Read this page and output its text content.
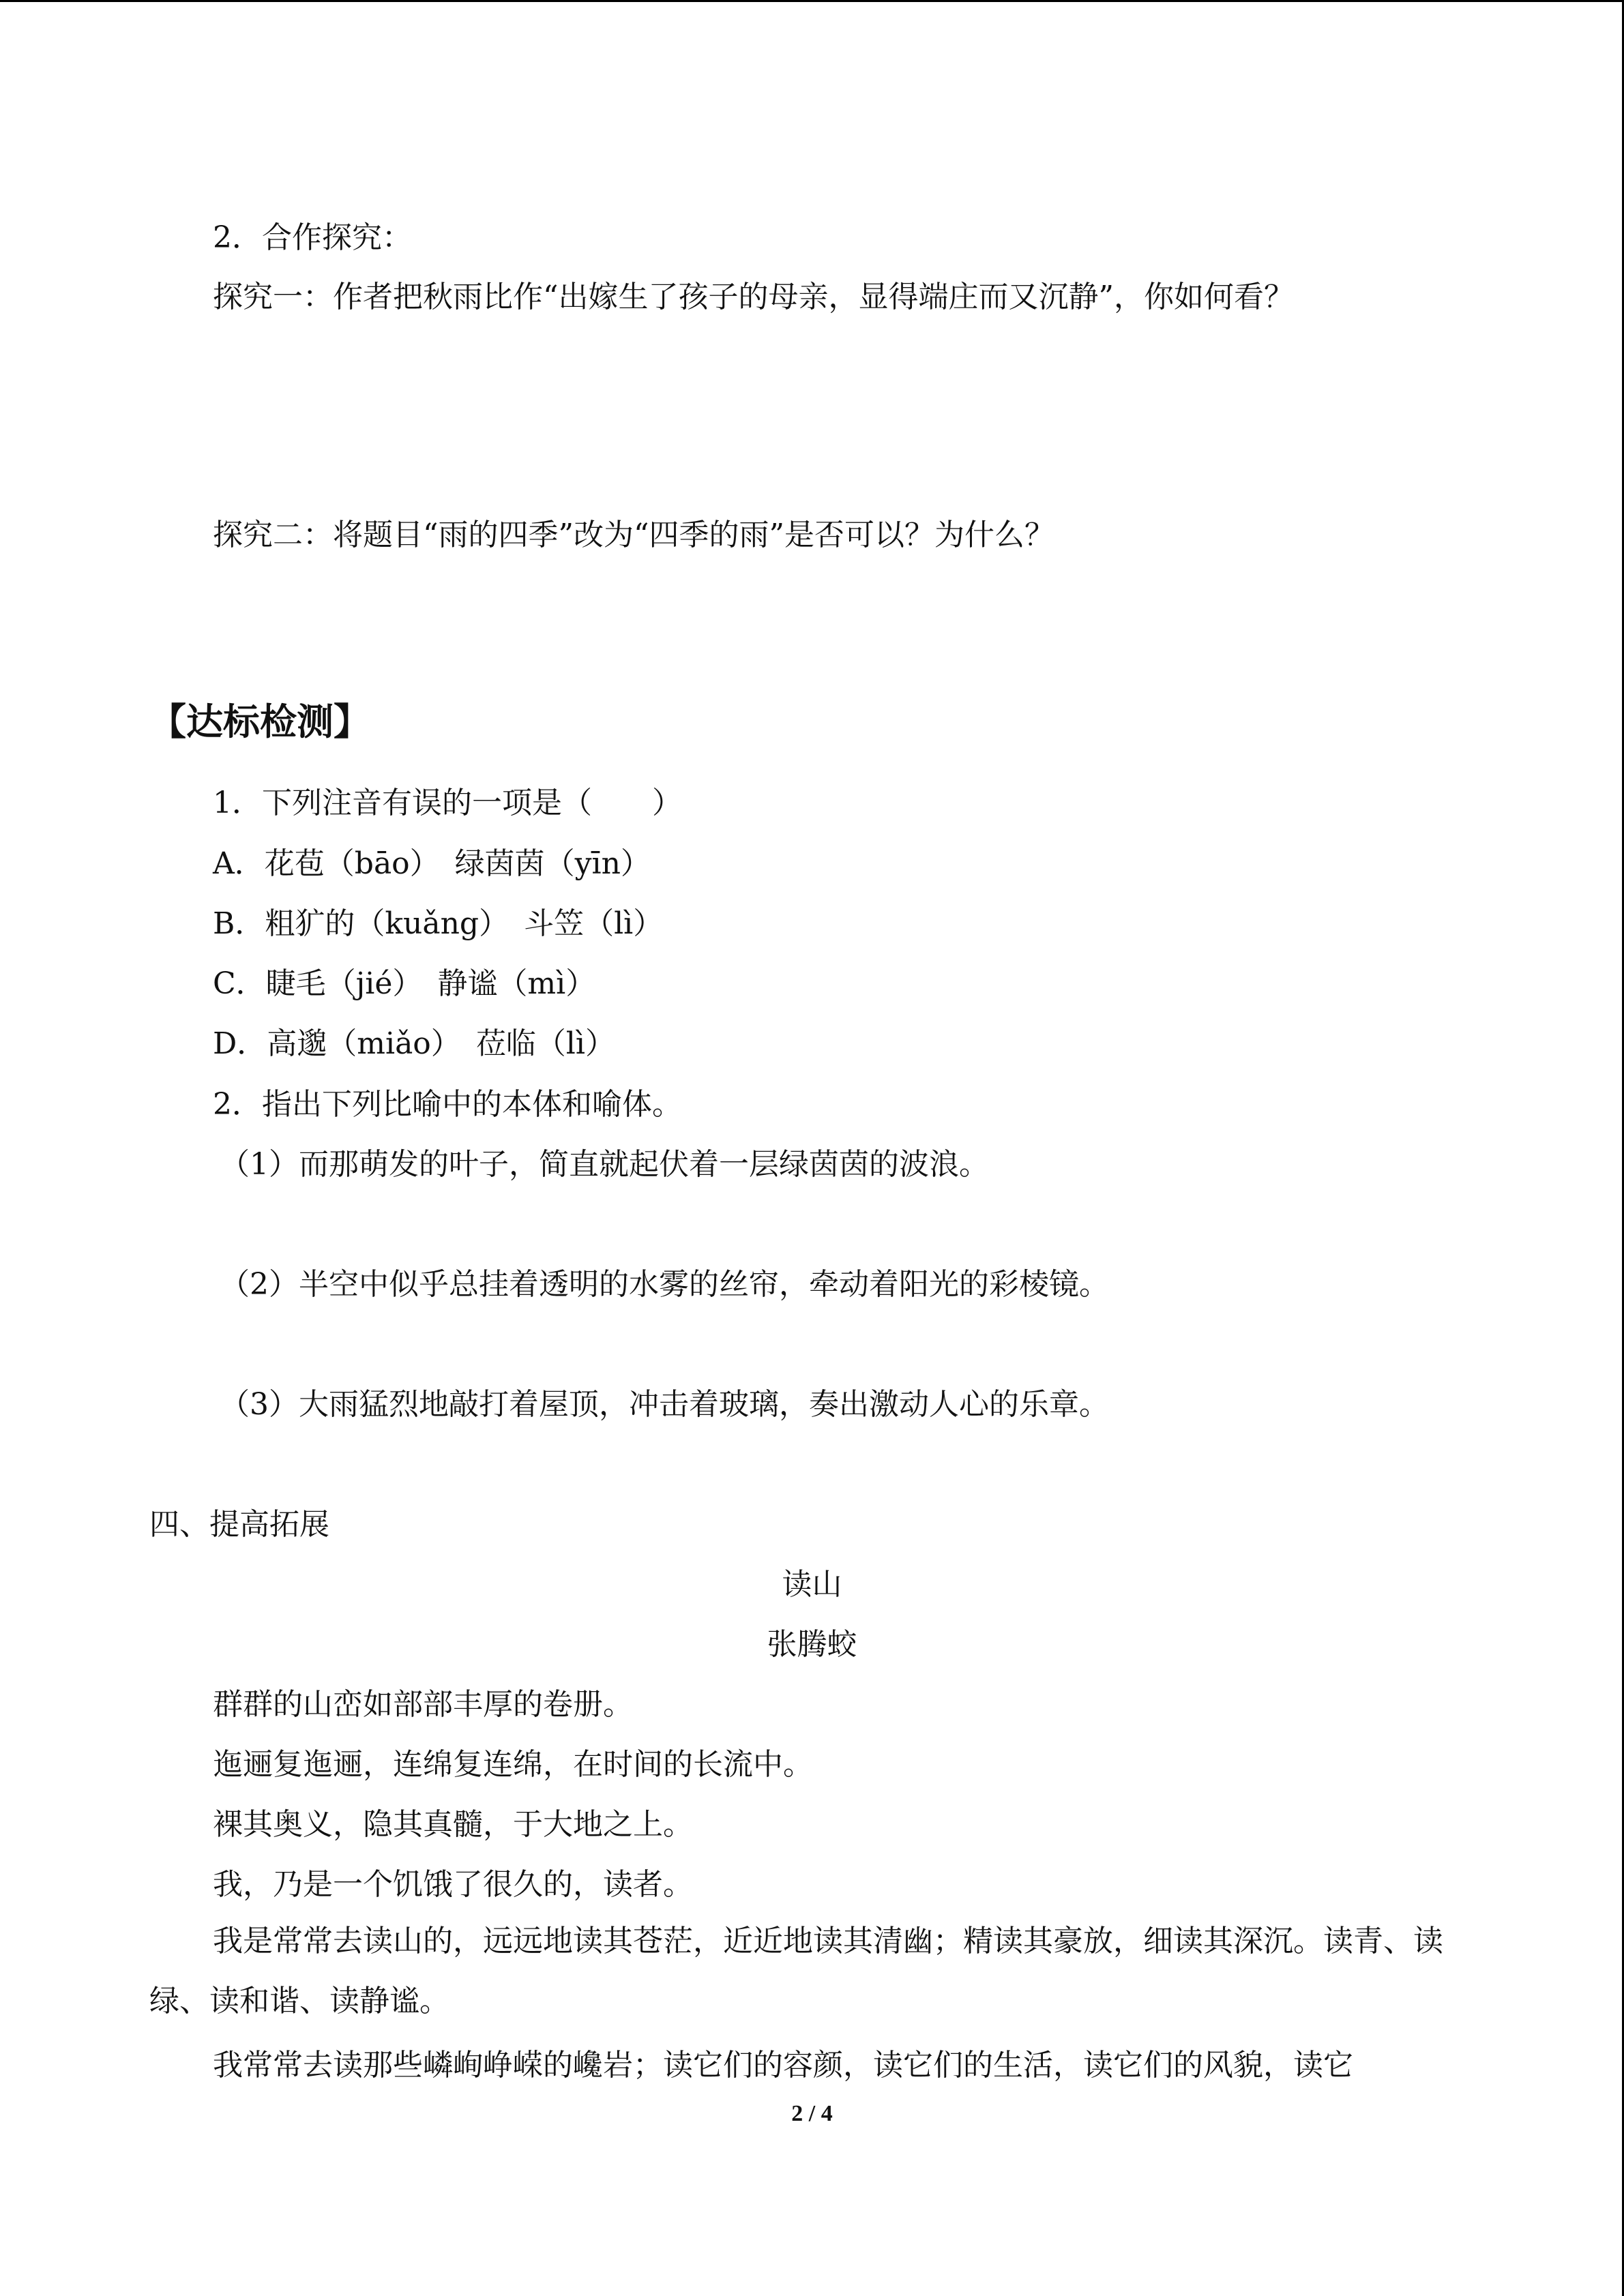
2．合作探究：
探究一：作者把秋雨比作“出嫁生了孩子的母亲，显得端庄而又沉静”，你如何看？
探究二：将题目“雨的四季”改为“四季的雨”是否可以？为什么？
【达标检测】
1．下列注音有误的一项是（　　）
A．花苞（bāo）　绿茵茵（yīn）
B．粗犷的（kuǎng）　斗笠（lì）
C．睫毛（jié）　静谧（mì）
D．高邈（miǎo）　莅临（lì）
2．指出下列比喻中的本体和喻体。
（1）而那萌发的叶子，简直就起伏着一层绿茵茵的波浪。
（2）半空中似乎总挂着透明的水雾的丝帘，牵动着阳光的彩棱镜。
（3）大雨猛烈地敲打着屋顶，冲击着玻璃，奏出激动人心的乐章。
四、提高拓展
读山
张腾蛟
群群的山峦如部部丰厚的卷册。
迤逦复迤逦，连绵复连绵，在时间的长流中。
裸其奥义，隐其真髓，于大地之上。
我，乃是一个饥饿了很久的，读者。
我是常常去读山的，远远地读其苍茫，近近地读其清幽；精读其豪放，细读其深沉。读青、读绿、读和谐、读静谧。
我常常去读那些嶙峋峥嵘的巉岩；读它们的容颜，读它们的生活，读它们的风貌，读它
2 / 4
